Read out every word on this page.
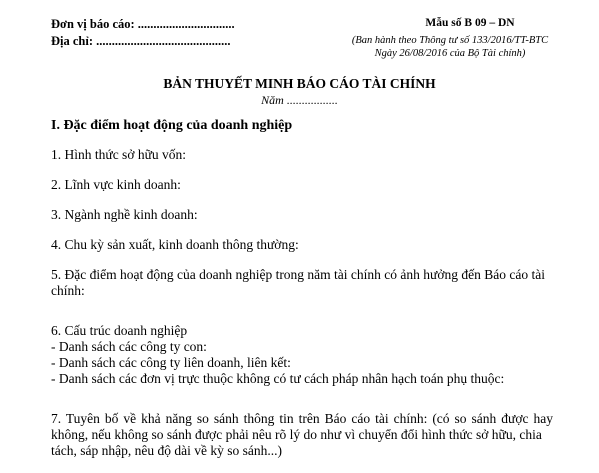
Đơn vị báo cáo: ...............................
Địa chỉ: ...........................................
Mẫu số B 09 – DN
(Ban hành theo Thông tư số 133/2016/TT-BTC
Ngày 26/08/2016 của Bộ Tài chính)
BẢN THUYẾT MINH BÁO CÁO TÀI CHÍNH
Năm .................
I. Đặc điểm hoạt động của doanh nghiệp
1. Hình thức sở hữu vốn:
2. Lĩnh vực kinh doanh:
3. Ngành nghề kinh doanh:
4. Chu kỳ sản xuất, kinh doanh thông thường:
5. Đặc điểm hoạt động của doanh nghiệp trong năm tài chính có ảnh hưởng đến Báo cáo tài
chính:
6. Cấu trúc doanh nghiệp
- Danh sách các công ty con:
- Danh sách các công ty liên doanh, liên kết:
- Danh sách các đơn vị trực thuộc không có tư cách pháp nhân hạch toán phụ thuộc:
7. Tuyên bố về khả năng so sánh thông tin trên Báo cáo tài chính: (có so sánh được hay
không, nếu không so sánh được phải nêu rõ lý do như vì chuyển đổi hình thức sở hữu, chia
tách, sáp nhập, nêu độ dài về kỳ so sánh...)
